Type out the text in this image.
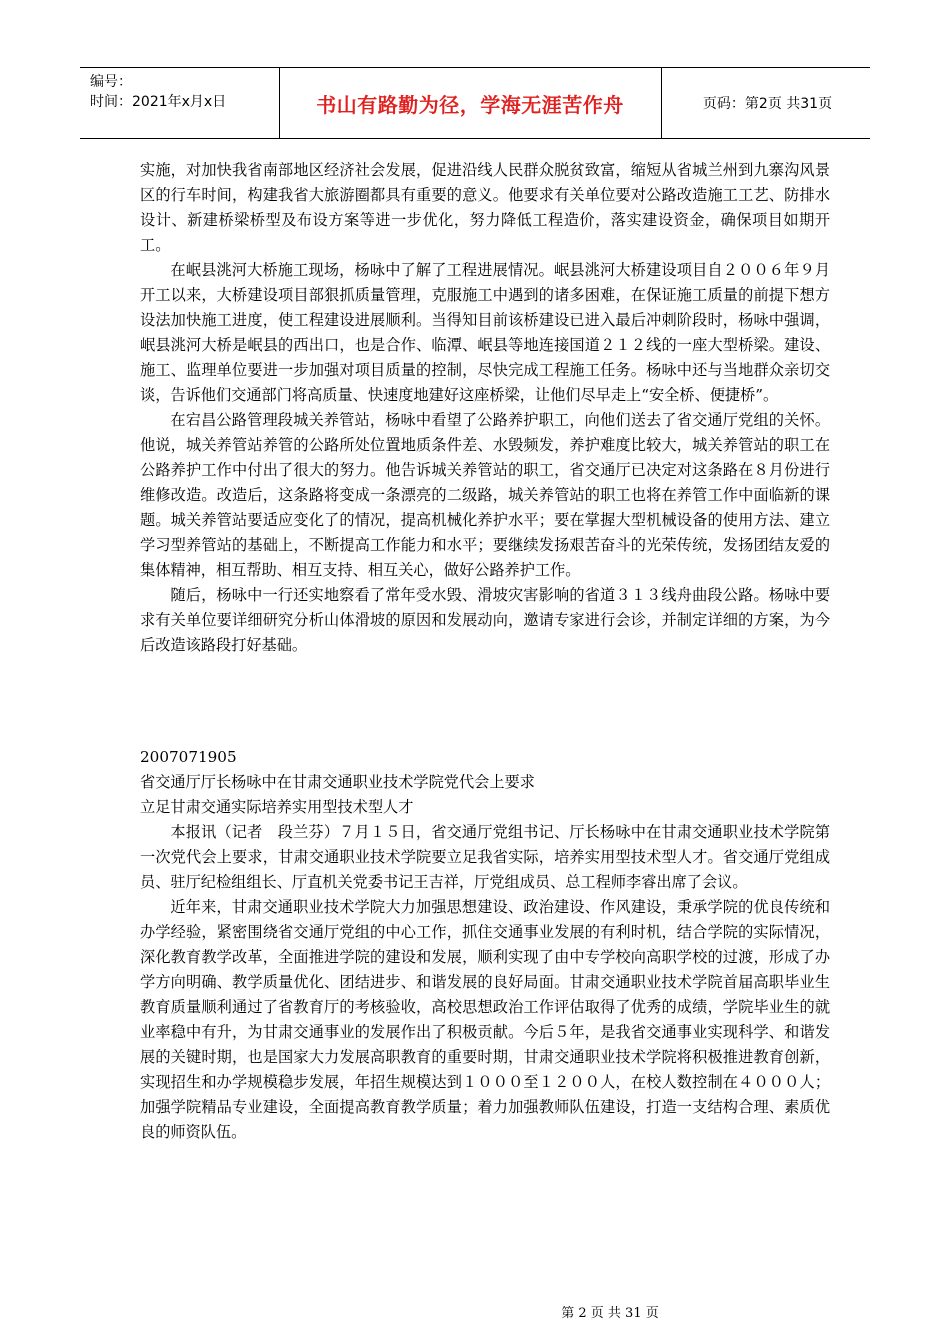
编号：
时间：2021年x月x日	书山有路勤为径，学海无涯苦作舟	页码：第2页 共31页

实施，对加快我省南部地区经济社会发展，促进沿线人民群众脱贫致富，缩短从省城兰州到九寨沟风景区的行车时间，构建我省大旅游圈都具有重要的意义。他要求有关单位要对公路改造施工工艺、防排水设计、新建桥梁桥型及布设方案等进一步优化，努力降低工程造价，落实建设资金，确保项目如期开工。

在岷县洮河大桥施工现场，杨咏中了解了工程进展情况。岷县洮河大桥建设项目自２００６年９月开工以来，大桥建设项目部狠抓质量管理，克服施工中遇到的诸多困难，在保证施工质量的前提下想方设法加快施工进度，使工程建设进展顺利。当得知目前该桥建设已进入最后冲刺阶段时，杨咏中强调，岷县洮河大桥是岷县的西出口，也是合作、临潭、岷县等地连接国道２１２线的一座大型桥梁。建设、施工、监理单位要进一步加强对项目质量的控制，尽快完成工程施工任务。杨咏中还与当地群众亲切交谈，告诉他们交通部门将高质量、快速度地建好这座桥梁，让他们尽早走上“安全桥、便捷桥”。

在宕昌公路管理段城关养管站，杨咏中看望了公路养护职工，向他们送去了省交通厅党组的关怀。他说，城关养管站养管的公路所处位置地质条件差、水毁频发，养护难度比较大，城关养管站的职工在公路养护工作中付出了很大的努力。他告诉城关养管站的职工，省交通厅已决定对这条路在８月份进行维修改造。改造后，这条路将变成一条漂亮的二级路，城关养管站的职工也将在养管工作中面临新的课题。城关养管站要适应变化了的情况，提高机械化养护水平；要在掌握大型机械设备的使用方法、建立学习型养管站的基础上，不断提高工作能力和水平；要继续发扬艰苦奋斗的光荣传统，发扬团结友爱的集体精神，相互帮助、相互支持、相互关心，做好公路养护工作。

随后，杨咏中一行还实地察看了常年受水毁、滑坡灾害影响的省道３１３线舟曲段公路。杨咏中要求有关单位要详细研究分析山体滑坡的原因和发展动向，邀请专家进行会诊，并制定详细的方案，为今后改造该路段打好基础。

2007071905

省交通厅厅长杨咏中在甘肃交通职业技术学院党代会上要求

立足甘肃交通实际培养实用型技术型人才

本报讯（记者　段兰芬）７月１５日，省交通厅党组书记、厅长杨咏中在甘肃交通职业技术学院第一次党代会上要求，甘肃交通职业技术学院要立足我省实际，培养实用型技术型人才。省交通厅党组成员、驻厅纪检组组长、厅直机关党委书记王吉祥，厅党组成员、总工程师李睿出席了会议。

近年来，甘肃交通职业技术学院大力加强思想建设、政治建设、作风建设，秉承学院的优良传统和办学经验，紧密围绕省交通厅党组的中心工作，抓住交通事业发展的有利时机，结合学院的实际情况，深化教育教学改革，全面推进学院的建设和发展，顺利实现了由中专学校向高职学校的过渡，形成了办学方向明确、教学质量优化、团结进步、和谐发展的良好局面。甘肃交通职业技术学院首届高职毕业生教育质量顺利通过了省教育厅的考核验收，高校思想政治工作评估取得了优秀的成绩，学院毕业生的就业率稳中有升，为甘肃交通事业的发展作出了积极贡献。今后５年，是我省交通事业实现科学、和谐发展的关键时期，也是国家大力发展高职教育的重要时期，甘肃交通职业技术学院将积极推进教育创新，实现招生和办学规模稳步发展，年招生规模达到１０００至１２００人，在校人数控制在４０００人；加强学院精品专业建设，全面提高教育教学质量；着力加强教师队伍建设，打造一支结构合理、素质优良的师资队伍。

第 2 页 共 31 页
